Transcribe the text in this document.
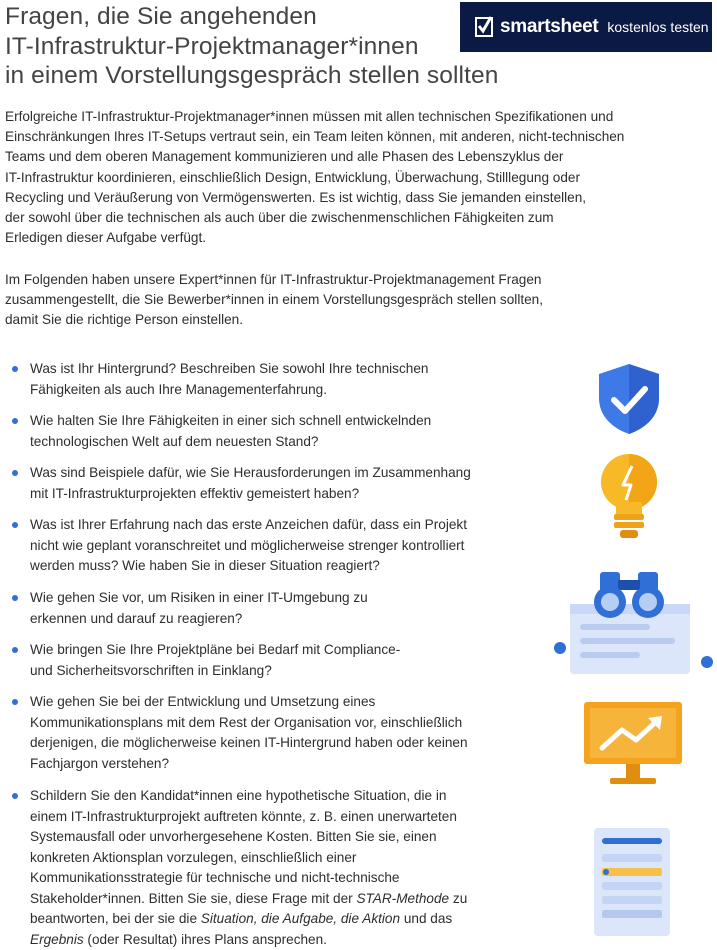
Fragen, die Sie angehenden
IT-Infrastruktur-Projektmanager*innen
in einem Vorstellungsgespräch stellen sollten
smartsheet kostenlos testen

Erfolgreiche IT-Infrastruktur-Projektmanager*innen müssen mit allen technischen Spezifikationen und
Einschränkungen Ihres IT-Setups vertraut sein, ein Team leiten können, mit anderen, nicht-technischen
Teams und dem oberen Management kommunizieren und alle Phasen des Lebenszyklus der
IT-Infrastruktur koordinieren, einschließlich Design, Entwicklung, Überwachung, Stilllegung oder
Recycling und Veräußerung von Vermögenswerten. Es ist wichtig, dass Sie jemanden einstellen,
der sowohl über die technischen als auch über die zwischenmenschlichen Fähigkeiten zum
Erledigen dieser Aufgabe verfügt.

Im Folgenden haben unsere Expert*innen für IT-Infrastruktur-Projektmanagement Fragen
zusammengestellt, die Sie Bewerber*innen in einem Vorstellungsgespräch stellen sollten,
damit Sie die richtige Person einstellen.

Was ist Ihr Hintergrund? Beschreiben Sie sowohl Ihre technischen
Fähigkeiten als auch Ihre Managementerfahrung.
Wie halten Sie Ihre Fähigkeiten in einer sich schnell entwickelnden
technologischen Welt auf dem neuesten Stand?
Was sind Beispiele dafür, wie Sie Herausforderungen im Zusammenhang
mit IT-Infrastrukturprojekten effektiv gemeistert haben?
Was ist Ihrer Erfahrung nach das erste Anzeichen dafür, dass ein Projekt
nicht wie geplant voranschreitet und möglicherweise strenger kontrolliert
werden muss? Wie haben Sie in dieser Situation reagiert?
Wie gehen Sie vor, um Risiken in einer IT-Umgebung zu
erkennen und darauf zu reagieren?
Wie bringen Sie Ihre Projektpläne bei Bedarf mit Compliance-
und Sicherheitsvorschriften in Einklang?
Wie gehen Sie bei der Entwicklung und Umsetzung eines
Kommunikationsplans mit dem Rest der Organisation vor, einschließlich
derjenigen, die möglicherweise keinen IT-Hintergrund haben oder keinen
Fachjargon verstehen?
Schildern Sie den Kandidat*innen eine hypothetische Situation, die in
einem IT-Infrastrukturprojekt auftreten könnte, z. B. einen unerwarteten
Systemausfall oder unvorhergesehene Kosten. Bitten Sie sie, einen
konkreten Aktionsplan vorzulegen, einschließlich einer
Kommunikationsstrategie für technische und nicht-technische
Stakeholder*innen. Bitten Sie sie, diese Frage mit der STAR-Methode zu
beantworten, bei der sie die Situation, die Aufgabe, die Aktion und das
Ergebnis (oder Resultat) ihres Plans ansprechen.
